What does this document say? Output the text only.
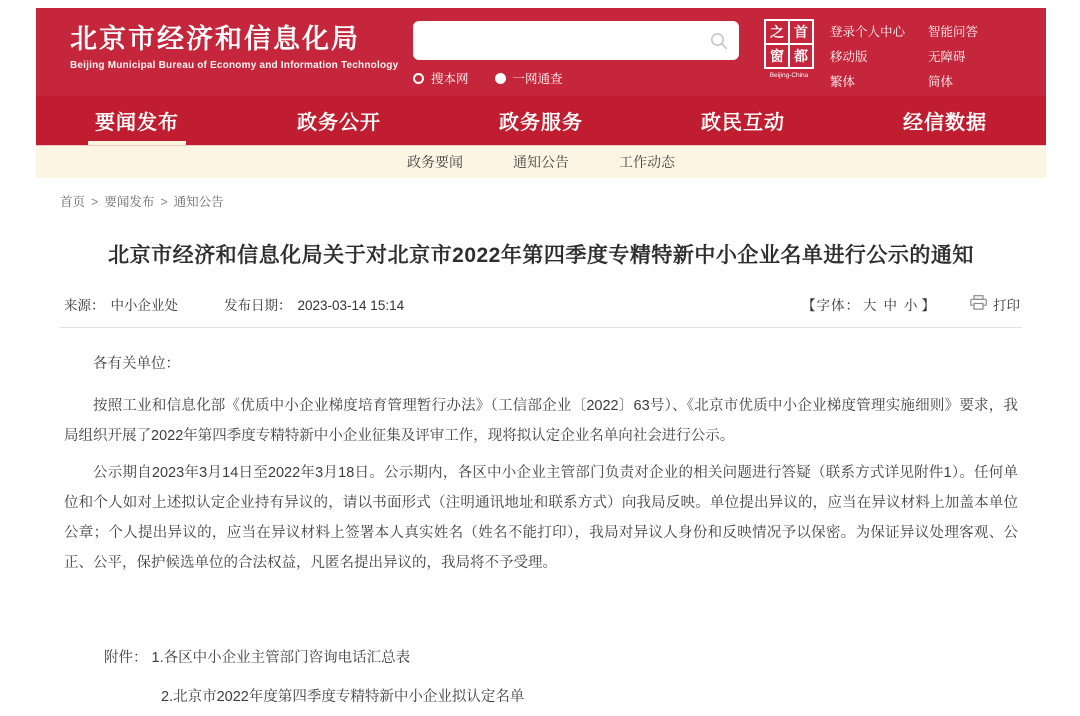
北京市经济和信息化局
Beijing Municipal Bureau of Economy and Information Technology
搜本网	一网通查
之 首
窗 都
Beijing-China
登录个人中心	智能问答
移动版	无障碍
繁体	简体
要闻发布	政务公开	政务服务	政民互动	经信数据
政务要闻	通知公告	工作动态
首页 > 要闻发布 > 通知公告
北京市经济和信息化局关于对北京市2022年第四季度专精特新中小企业名单进行公示的通知
来源： 中小企业处	发布日期： 2023-03-14 15:14	【字体： 大 中 小 】	打印

各有关单位：

按照工业和信息化部《优质中小企业梯度培育管理暂行办法》（工信部企业〔2022〕63号）、《北京市优质中小企业梯度管理实施细则》要求，我局组织开展了2022年第四季度专精特新中小企业征集及评审工作，现将拟认定企业名单向社会进行公示。

公示期自2023年3月14日至2022年3月18日。公示期内，各区中小企业主管部门负责对企业的相关问题进行答疑（联系方式详见附件1）。任何单位和个人如对上述拟认定企业持有异议的，请以书面形式（注明通讯地址和联系方式）向我局反映。单位提出异议的，应当在异议材料上加盖本单位公章；个人提出异议的，应当在异议材料上签署本人真实姓名（姓名不能打印），我局对异议人身份和反映情况予以保密。为保证异议处理客观、公正、公平，保护候选单位的合法权益，凡匿名提出异议的，我局将不予受理。

附件： 1.各区中小企业主管部门咨询电话汇总表
2.北京市2022年度第四季度专精特新中小企业拟认定名单
